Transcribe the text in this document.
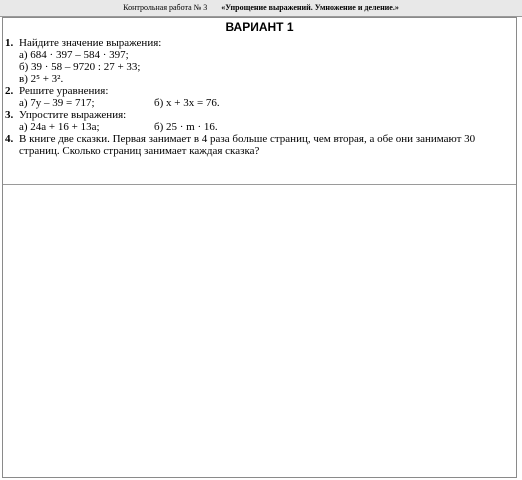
Контрольная работа № 3 «Упрощение выражений. Умножение и деление.»
ВАРИАНТ 1
1. Найдите значение выражения:
а) 684 · 397 – 584 · 397;
б) 39 · 58 – 9720 : 27 + 33;
в) 2⁵ + 3².
2. Решите уравнения:
а) 7у – 39 = 717;	б) х + 3х = 76.
3. Упростите выражения:
а) 24а + 16 + 13а;	б) 25 · m · 16.
4. В книге две сказки. Первая занимает в 4 раза больше страниц, чем вторая, а обе они занимают 30 страниц. Сколько страниц занимает каждая сказка?
